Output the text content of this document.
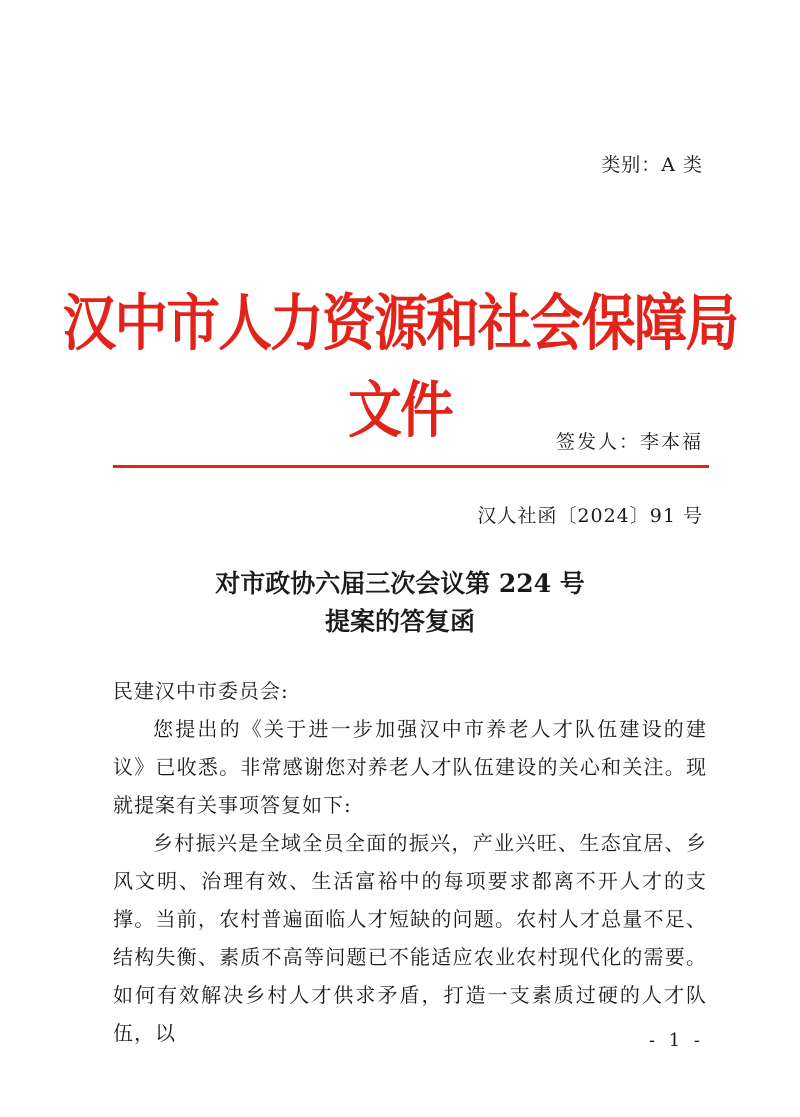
类别：A 类
汉中市人力资源和社会保障局文件	签发人：李本福
汉人社函〔2024〕91 号
对市政协六届三次会议第 224 号
提案的答复函

民建汉中市委员会:

您提出的《关于进一步加强汉中市养老人才队伍建设的建议》已收悉。非常感谢您对养老人才队伍建设的关心和关注。现就提案有关事项答复如下:

乡村振兴是全域全员全面的振兴，产业兴旺、生态宜居、乡风文明、治理有效、生活富裕中的每项要求都离不开人才的支撑。当前，农村普遍面临人才短缺的问题。农村人才总量不足、结构失衡、素质不高等问题已不能适应农业农村现代化的需要。如何有效解决乡村人才供求矛盾，打造一支素质过硬的人才队伍，以	- 1 -
